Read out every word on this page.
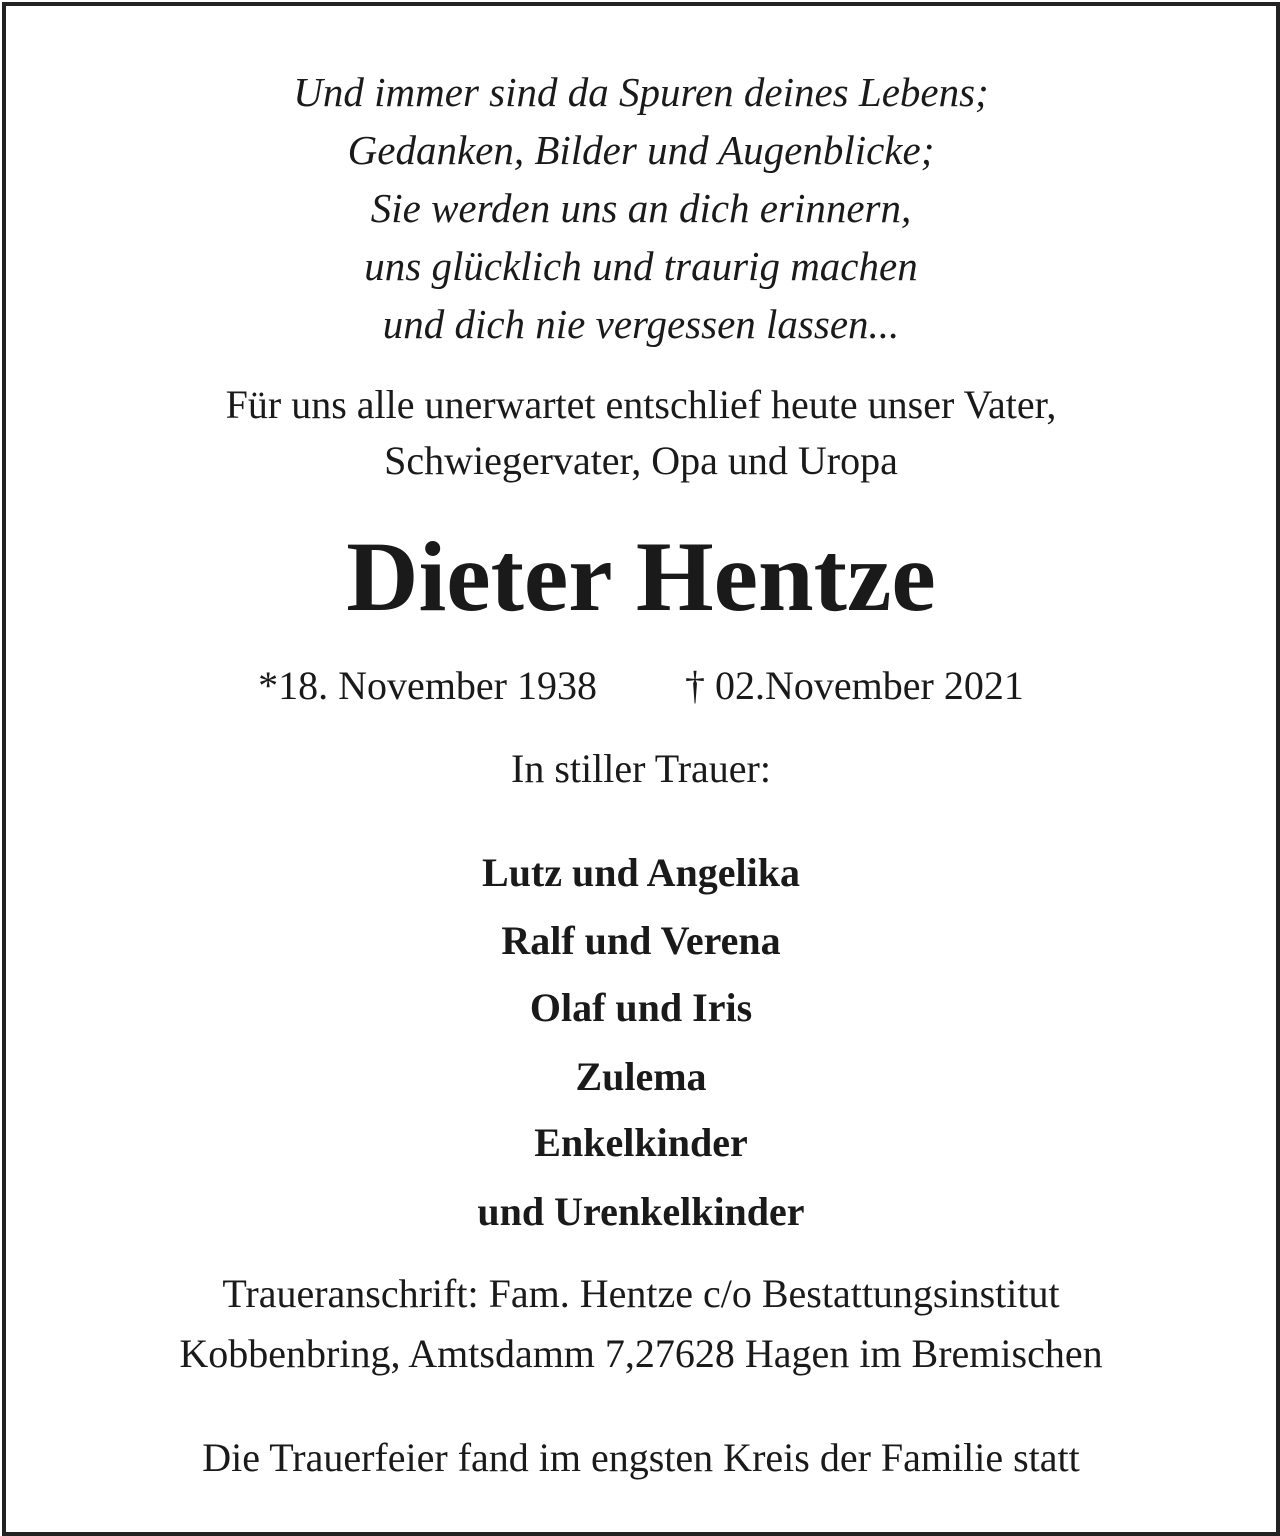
Und immer sind da Spuren deines Lebens;
Gedanken, Bilder und Augenblicke;
Sie werden uns an dich erinnern,
uns glücklich und traurig machen
und dich nie vergessen lassen...
Für uns alle unerwartet entschlief heute unser Vater,
Schwiegervater, Opa und Uropa
Dieter Hentze
*18. November 1938 † 02.November 2021
In stiller Trauer:
Lutz und Angelika
Ralf und Verena
Olaf und Iris
Zulema
Enkelkinder
und Urenkelkinder
Traueranschrift: Fam. Hentze c/o Bestattungsinstitut
Kobbenbring, Amtsdamm 7,27628 Hagen im Bremischen
Die Trauerfeier fand im engsten Kreis der Familie statt
